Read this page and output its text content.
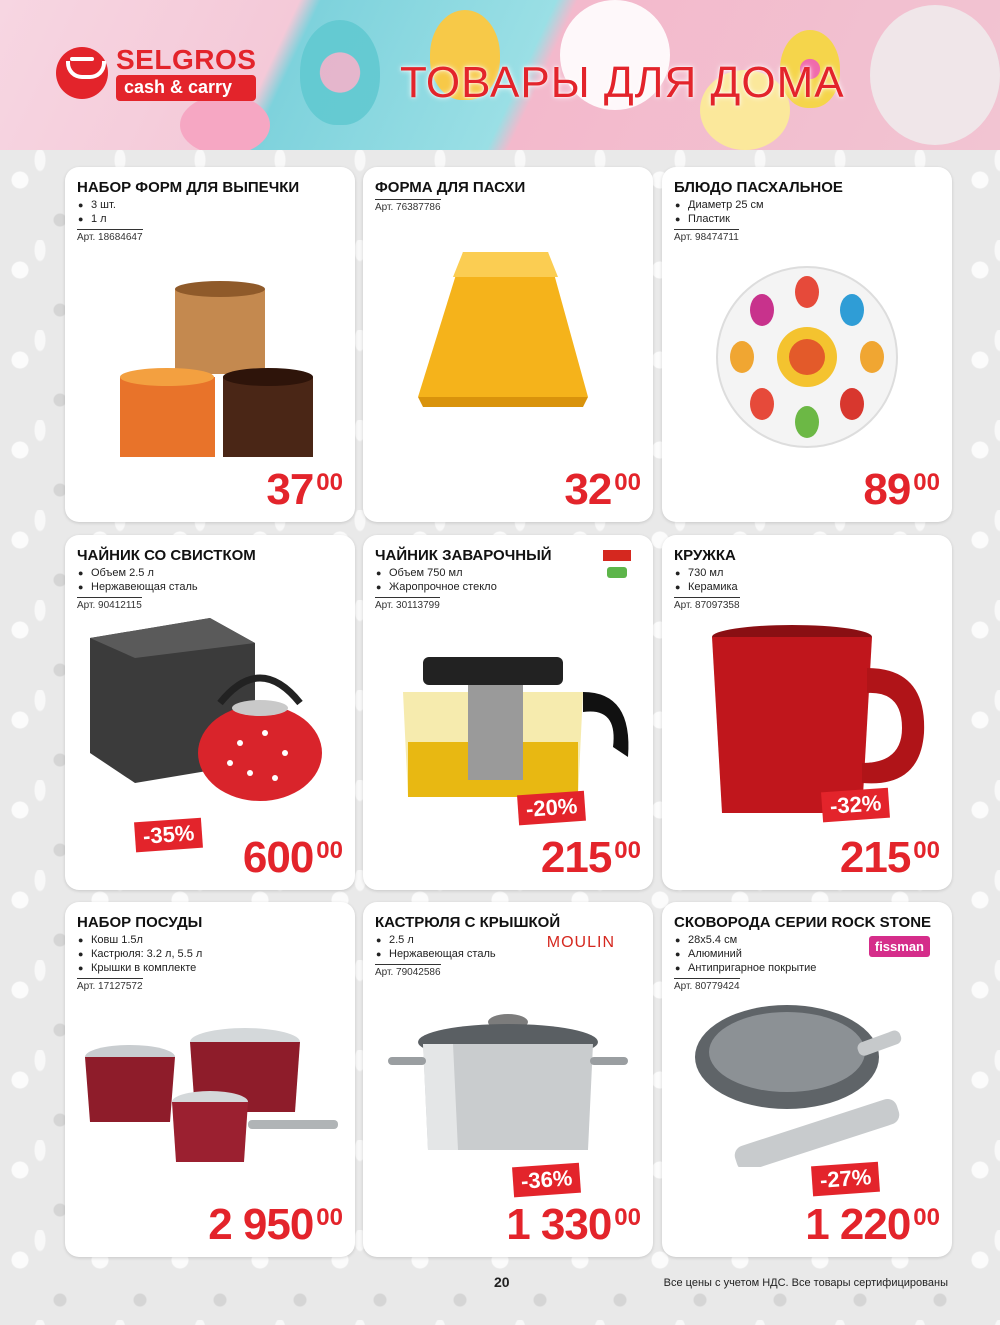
SELGROS
cash & carry	ТОВАРЫ ДЛЯ ДОМА
НАБОР ФОРМ ДЛЯ ВЫПЕЧКИ
● 3 шт.
● 1 л
Арт. 18684647
37 00
ФОРМА ДЛЯ ПАСХИ
Арт. 76387786
32 00
БЛЮДО ПАСХАЛЬНОЕ
● Диаметр 25 см
● Пластик
Арт. 98474711
89 00
ЧАЙНИК СО СВИСТКОМ
● Объем 2.5 л
● Нержавеющая сталь
Арт. 90412115
-35% 600 00
ЧАЙНИК ЗАВАРОЧНЫЙ
● Объем 750 мл
● Жаропрочное стекло
Арт. 30113799
-20%
215 00
КРУЖКА
● 730 мл
● Керамика
Арт. 87097358
-32%
215 00
НАБОР ПОСУДЫ
● Ковш 1.5л
● Кастрюля: 3.2 л, 5.5 л
● Крышки в комплекте
Арт. 17127572
2 950 00
КАСТРЮЛЯ С КРЫШКОЙ
● 2.5 л
● Нержавеющая сталь
Арт. 79042586
MOULIN
-36%
1 330 00
СКОВОРОДА СЕРИИ ROCK STONE
● 28x5.4 см
● Алюминий
● Антипригарное покрытие
Арт. 80779424
fissman
-27%
1 220 00
20	Все цены с учетом НДС. Все товары сертифицированы
